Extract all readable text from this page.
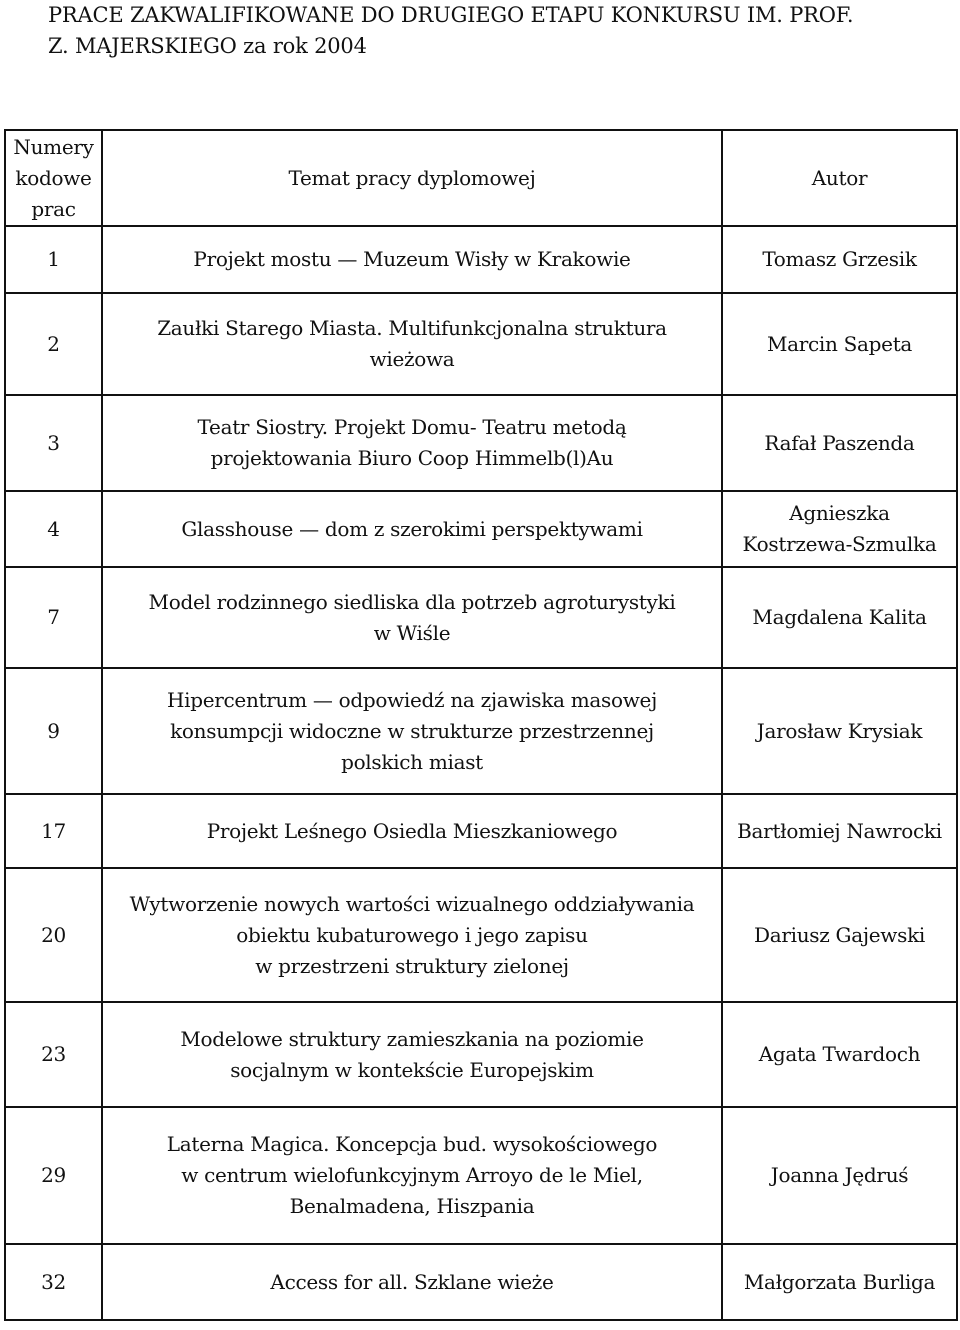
PRACE ZAKWALIFIKOWANE DO DRUGIEGO ETAPU KONKURSU IM. PROF.
Z. MAJERSKIEGO za rok 2004
Numery
kodowe
prac	Temat pracy dyplomowej	Autor
1	Projekt mostu — Muzeum Wisły w Krakowie	Tomasz Grzesik
2	Zaułki Starego Miasta. Multifunkcjonalna struktura
wieżowa	Marcin Sapeta
3	Teatr Siostry. Projekt Domu- Teatru metodą
projektowania Biuro Coop Himmelb(l)Au	Rafał Paszenda
4	Glasshouse — dom z szerokimi perspektywami	Agnieszka
Kostrzewa-Szmulka
7	Model rodzinnego siedliska dla potrzeb agroturystyki
w Wiśle	Magdalena Kalita
9	Hipercentrum — odpowiedź na zjawiska masowej
konsumpcji widoczne w strukturze przestrzennej
polskich miast	Jarosław Krysiak
17	Projekt Leśnego Osiedla Mieszkaniowego	Bartłomiej Nawrocki
20	Wytworzenie nowych wartości wizualnego oddziaływania
obiektu kubaturowego i jego zapisu
w przestrzeni struktury zielonej	Dariusz Gajewski
23	Modelowe struktury zamieszkania na poziomie
socjalnym w kontekście Europejskim	Agata Twardoch
29	Laterna Magica. Koncepcja bud. wysokościowego
w centrum wielofunkcyjnym Arroyo de le Miel,
Benalmadena, Hiszpania	Joanna Jędruś
32	Access for all. Szklane wieże	Małgorzata Burliga
